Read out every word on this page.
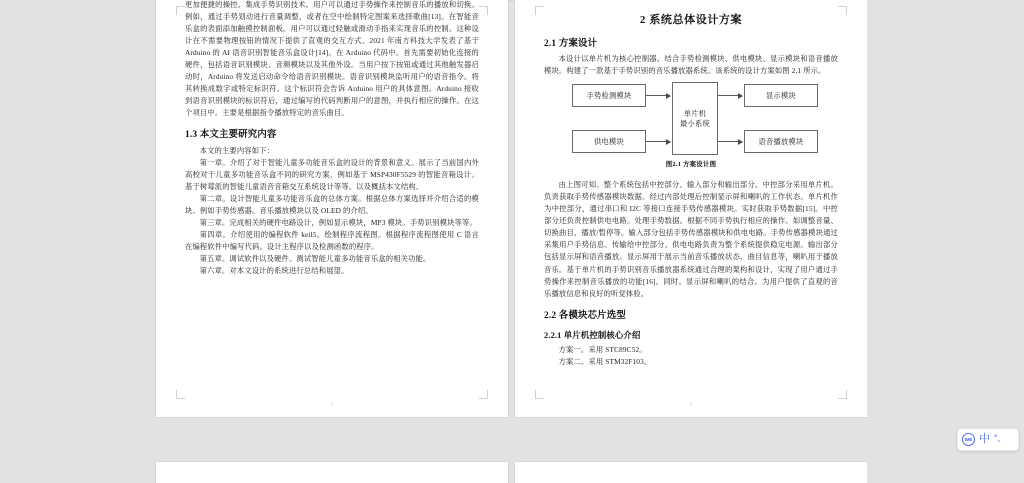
更加便捷的操控。集成手势识别技术。用户可以通过手势操作来控制音乐的播放和切换。例如，通过手势划动进行音量调整，或者在空中绘制特定图案来选择歌曲[13]。在智能音乐盒的表面添加触摸控制面板。用户可以通过轻触或滑动手指来实现音乐的控制。这种设计在不需要物理按钮的情况下提供了直观的交互方式。2021 年南方科技大学发表了基于 Arduino 的 AI 语音识别智能音乐盒设计[14]。在 Arduino 代码中。首先需要初始化连接的硬件，包括语音识别模块、音频模块以及其他外设。当用户按下按钮或通过其他触发器启动时，Arduino 将发送启动命令给语音识别模块。语音识别模块监听用户的语音指令。将其转换成数字或特定标识符。这个标识符会告诉 Arduino 用户的具体意图。Arduino 接收到语音识别模块的标识符后，通过编写的代码判断用户的意图，并执行相应的操作。在这个项目中。主要是根据指令播放特定的音乐曲目。

1.3 本文主要研究内容

本文的主要内容如下：

第一章。介绍了对于智能儿童多功能音乐盒的设计的背景和意义。展示了当前国内外高校对于儿童多功能音乐盒不同的研究方案，例如基于 MSP430F5529 的智能音箱设计。基于树莓派的智能儿童语音音箱交互系统设计等等。以及概括本文结构。

第二章。设计智能儿童多功能音乐盒的总体方案。根据总体方案选择并介绍合适的模块。例如手势传感器。音乐播放模块以及 OLED 的介绍。

第三章。完成相关的硬件电路设计，例如显示模块，MP3 模块。手势识别模块等等。

第四章。介绍使用的编程软件 keil5。绘制程序流程图。根据程序流程图使用 C 语言在编程软件中编写代码。设计主程序以及检测函数的程序。

第五章。调试软件以及硬件。测试智能儿童多功能音乐盒的相关功能。

第六章。对本文设计的系统进行总结和展望。

5
2 系统总体设计方案
2.1 方案设计

本设计以单片机为核心控制器。结合手势检测模块、供电模块、显示模块和语音播放模块。构建了一款基于手势识别的音乐播放器系统。该系统的设计方案如图 2.1 所示。

手势检测模块
供电模块
单片机
最小系统
显示模块
语音播放模块
图2.1 方案设计图

由上图可知。整个系统包括中控部分、输入部分和输出部分。中控部分采用单片机。负责获取手势传感器模块数据。经过内部处理后控制显示屏和喇叭的工作状态。单片机作为中控部分，通过串口和 I2C 等接口连接手势传感器模块。实时获取手势数据[15]。中控部分还负责控制供电电路。处理手势数据。根据不同手势执行相应的操作。如调整音量、切换曲目、播放/暂停等。输入部分包括手势传感器模块和供电电路。手势传感器模块通过采集用户手势信息。传输给中控部分。供电电路负责为整个系统提供稳定电源。输出部分包括显示屏和语音播放。显示屏用于展示当前音乐播放状态、曲目信息等，喇叭用于播放音乐。基于单片机的手势识别音乐播放器系统通过合理的架构和设计，实现了用户通过手势操作来控制音乐播放的功能[16]。同时。显示屏和喇叭的结合。为用户提供了直观的音乐播放信息和良好的听觉体验。

2.2 各模块芯片选型
2.2.1 单片机控制核心介绍

方案一。采用 STC89C52。

方案二。采用 STM32F103。

6
IME 中 °,
